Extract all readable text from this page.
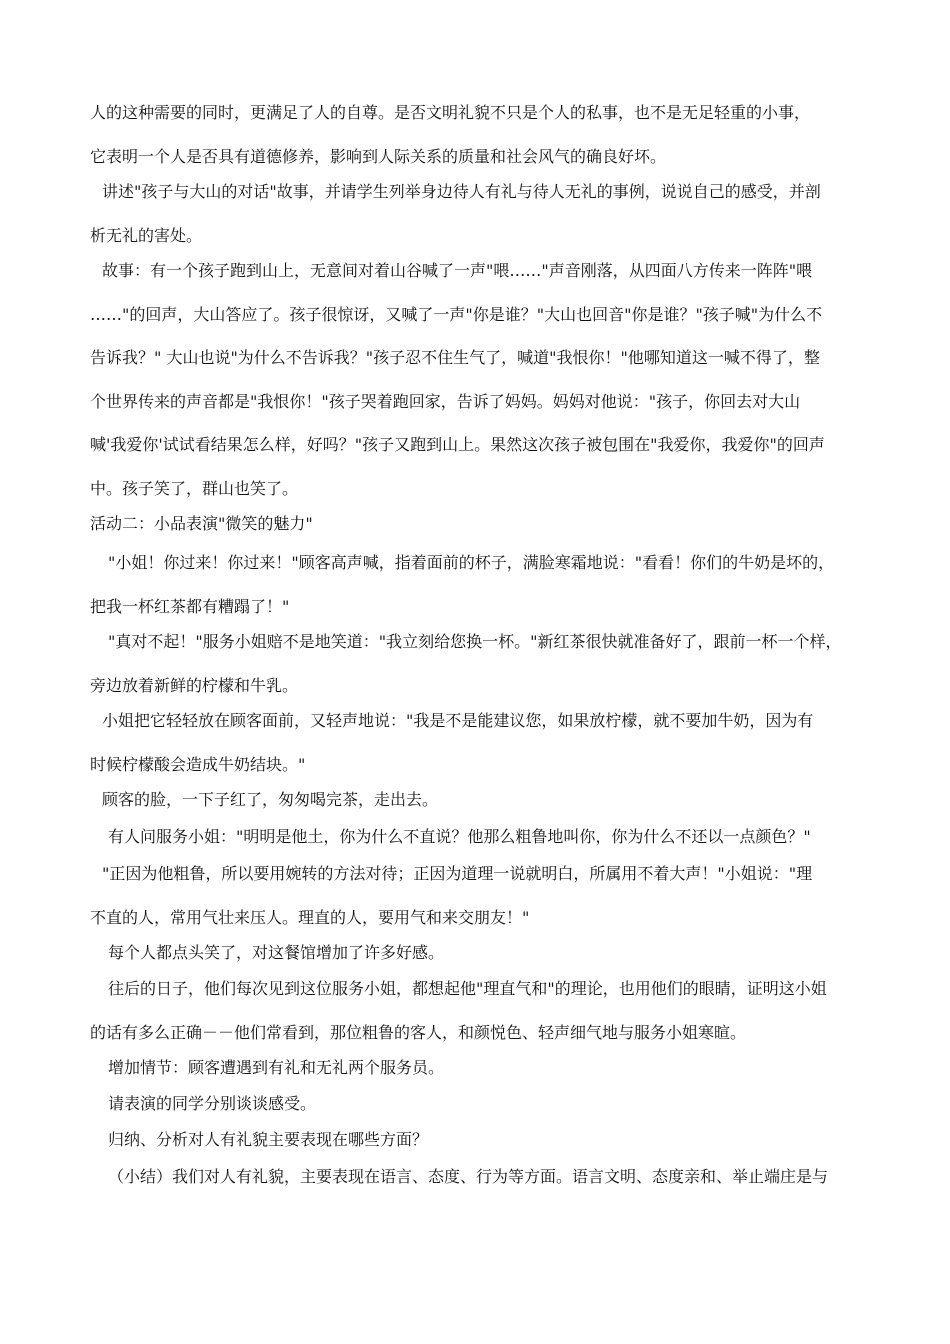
人的这种需要的同时，更满足了人的自尊。是否文明礼貌不只是个人的私事，也不是无足轻重的小事，
它表明一个人是否具有道德修养，影响到人际关系的质量和社会风气的确良好坏。
讲述"孩子与大山的对话"故事，并请学生列举身边待人有礼与待人无礼的事例，说说自己的感受，并剖
析无礼的害处。
故事：有一个孩子跑到山上，无意间对着山谷喊了一声"喂……"声音刚落，从四面八方传来一阵阵"喂
……"的回声，大山答应了。孩子很惊讶，又喊了一声"你是谁？"大山也回音"你是谁？"孩子喊"为什么不
告诉我？" 大山也说"为什么不告诉我？"孩子忍不住生气了，喊道"我恨你！"他哪知道这一喊不得了，整
个世界传来的声音都是"我恨你！"孩子哭着跑回家，告诉了妈妈。妈妈对他说："孩子，你回去对大山
喊'我爱你'试试看结果怎么样，好吗？"孩子又跑到山上。果然这次孩子被包围在"我爱你，我爱你"的回声
中。孩子笑了，群山也笑了。
活动二：小品表演"微笑的魅力"
"小姐！你过来！你过来！"顾客高声喊，指着面前的杯子，满脸寒霜地说："看看！你们的牛奶是坏的，
把我一杯红茶都有糟蹋了！"
"真对不起！"服务小姐赔不是地笑道："我立刻给您换一杯。"新红茶很快就准备好了，跟前一杯一个样，
旁边放着新鲜的柠檬和牛乳。
小姐把它轻轻放在顾客面前，又轻声地说："我是不是能建议您，如果放柠檬，就不要加牛奶，因为有
时候柠檬酸会造成牛奶结块。"
顾客的脸，一下子红了，匆匆喝完茶，走出去。
有人问服务小姐："明明是他土，你为什么不直说？他那么粗鲁地叫你，你为什么不还以一点颜色？"
"正因为他粗鲁，所以要用婉转的方法对待；正因为道理一说就明白，所属用不着大声！"小姐说："理
不直的人，常用气壮来压人。理直的人，要用气和来交朋友！"
每个人都点头笑了，对这餐馆增加了许多好感。
往后的日子，他们每次见到这位服务小姐，都想起他"理直气和"的理论，也用他们的眼睛，证明这小姐
的话有多么正确－－他们常看到，那位粗鲁的客人，和颜悦色、轻声细气地与服务小姐寒暄。
增加情节：顾客遭遇到有礼和无礼两个服务员。
请表演的同学分别谈谈感受。
归纳、分析对人有礼貌主要表现在哪些方面？
（小结）我们对人有礼貌，主要表现在语言、态度、行为等方面。语言文明、态度亲和、举止端庄是与
